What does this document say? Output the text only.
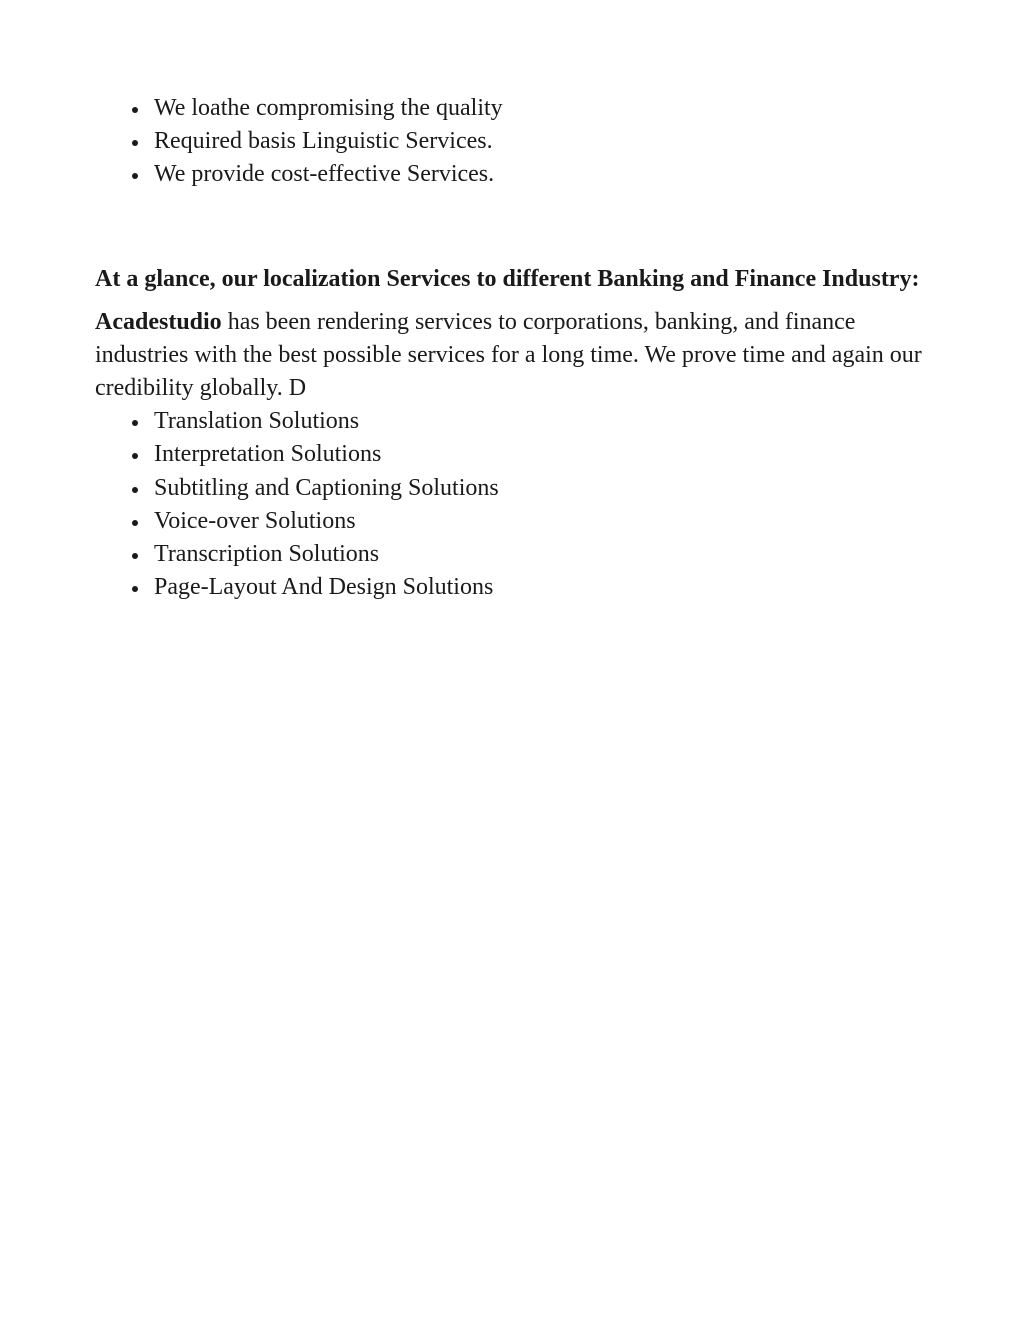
We loathe compromising the quality
Required basis Linguistic Services.
We provide cost-effective Services.
At a glance, our localization Services to different Banking and Finance Industry:

Acadestudio has been rendering services to corporations, banking, and finance industries with the best possible services for a long time. We prove time and again our credibility globally. D

Translation Solutions
Interpretation Solutions
Subtitling and Captioning Solutions
Voice-over Solutions
Transcription Solutions
Page-Layout And Design Solutions
